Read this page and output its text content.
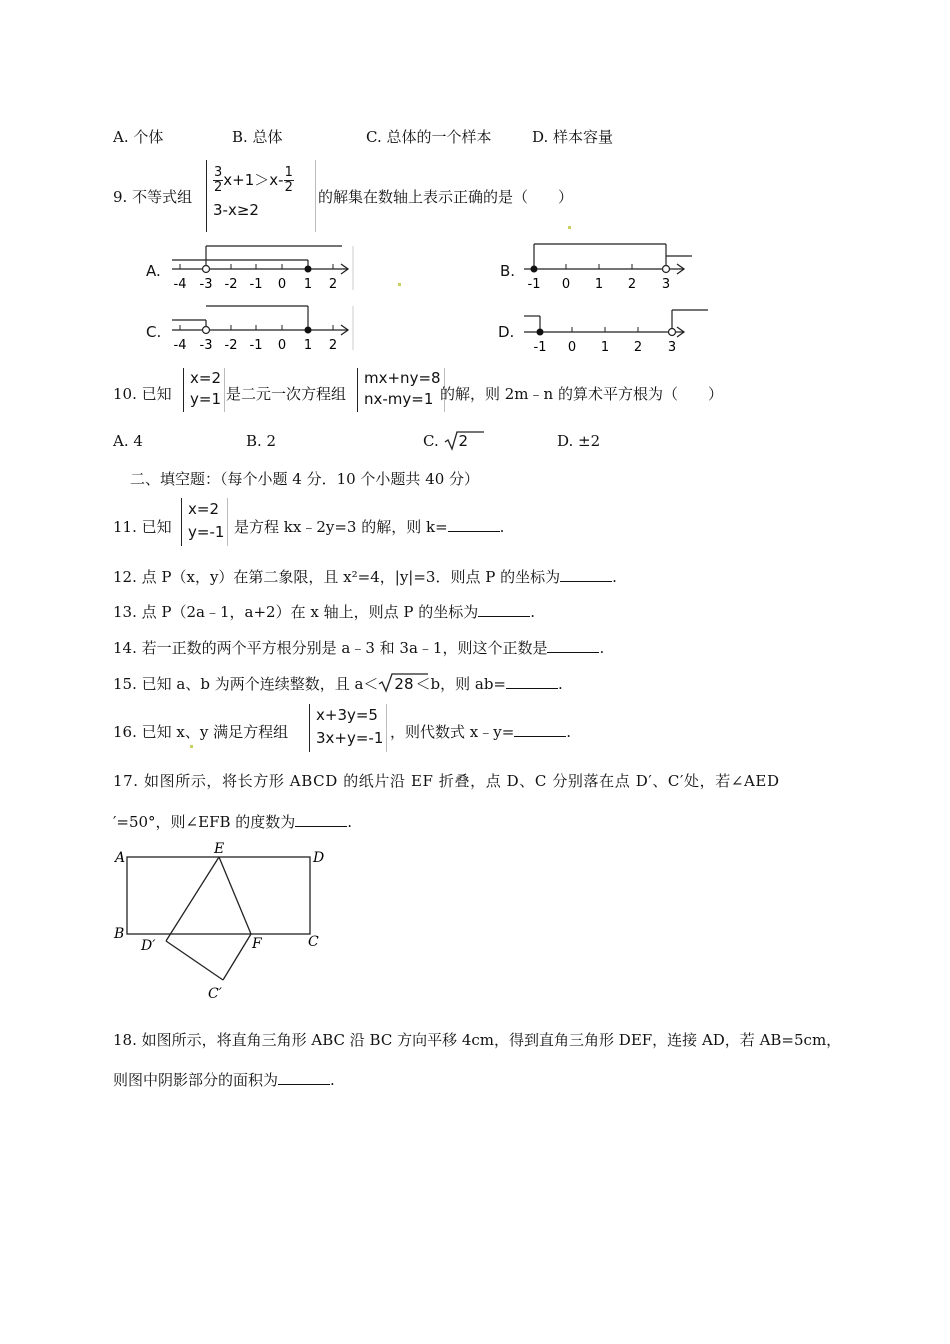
A. 个体	B. 总体	C. 总体的一个样本	D. 样本容量
9. 不等式组
$\frac{3}{2} x+1>x- \frac{1}{2}$
3-x≥2
的解集在数轴上表示正确的是（　　）
A.	B.
C.	D.
-4 -3 -2 -1 0 1 2	-1 0 1 2 3
-4 -3 -2 -1 0 1 2	-1 0 1 2 3
10. 已知
x=2
y=1 是二元一次方程组
mx+ny=8
nx-my=1 的解，则 2m﹣n 的算术平方根为（　　）
A. 4	B. 2	C. 2	D. ±2
二、填空题：（每个小题 4 分．10 个小题共 40 分）
11. 已知
x=2
y=-1 是方程 kx﹣2y=3 的解，则 k=	.
12. 点 P（x，y）在第二象限，且 x²=4，|y|=3．则点 P 的坐标为	.
13. 点 P（2a﹣1，a+2）在 x 轴上，则点 P 的坐标为	.
14. 若一正数的两个平方根分别是 a﹣3 和 3a﹣1，则这个正数是	.
15. 已知 a、b 为两个连续整数，且 a＜ 28 ＜b，则 ab=	.
16. 已知 x、y 满足方程组
x+3y=5
3x+y=-1 ，则代数式 x﹣y=	.
17. 如图所示，将长方形 ABCD 的纸片沿 EF 折叠，点 D、C 分别落在点 D′、C′处，若∠AED
′=50°，则∠EFB 的度数为	.
A
E
D
B
D′	F	C
C′
18. 如图所示，将直角三角形 ABC 沿 BC 方向平移 4cm，得到直角三角形 DEF，连接 AD，若 AB=5cm，
则图中阴影部分的面积为	.
